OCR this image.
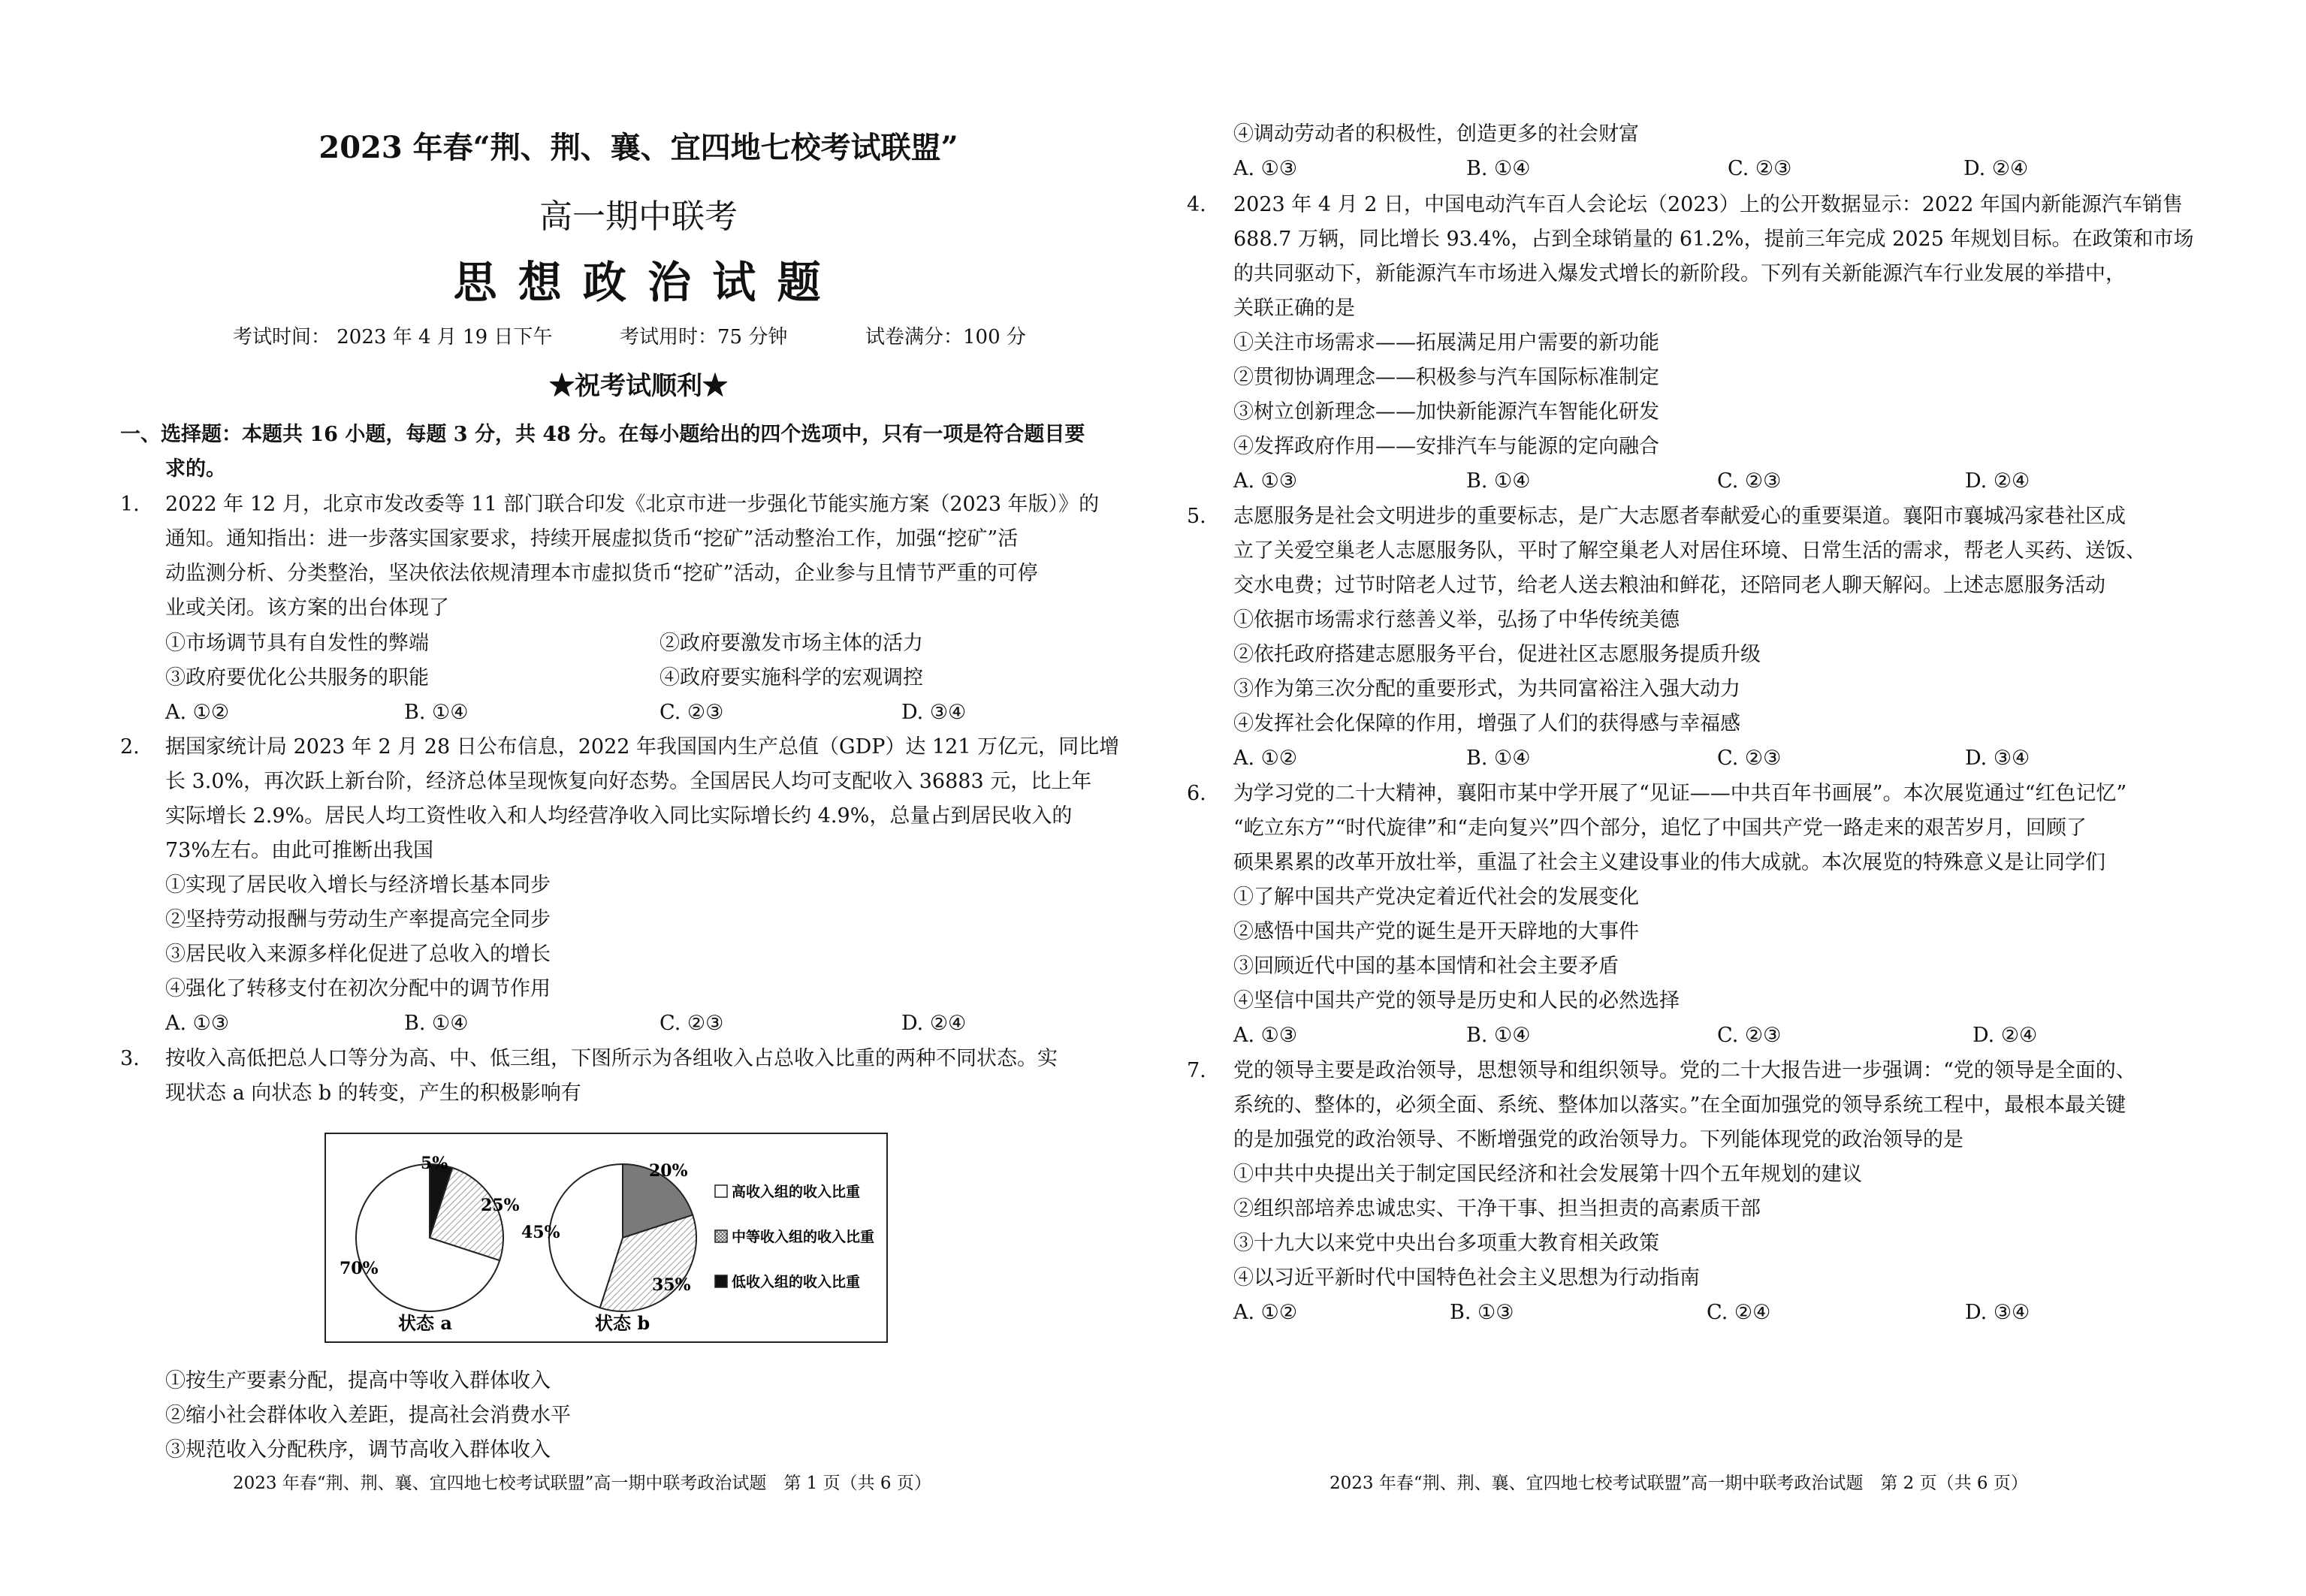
2023 年春“荆、荆、襄、宜四地七校考试联盟”
高一期中联考
思 想 政 治 试 题
考试时间： 2023 年 4 月 19 日下午	考试用时：75 分钟	试卷满分：100 分
★祝考试顺利★
一、选择题：本题共 16 小题，每题 3 分，共 48 分。在每小题给出的四个选项中，只有一项是符合题目要
求的。
1. 2022 年 12 月，北京市发改委等 11 部门联合印发《北京市进一步强化节能实施方案（2023 年版）》的
通知。通知指出：进一步落实国家要求，持续开展虚拟货币“挖矿”活动整治工作，加强“挖矿”活
动监测分析、分类整治，坚决依法依规清理本市虚拟货币“挖矿”活动，企业参与且情节严重的可停
业或关闭。该方案的出台体现了
①市场调节具有自发性的弊端	②政府要激发市场主体的活力
③政府要优化公共服务的职能	④政府要实施科学的宏观调控
A. ①②	B. ①④	C. ②③	D. ③④
2. 据国家统计局 2023 年 2 月 28 日公布信息，2022 年我国国内生产总值（GDP）达 121 万亿元，同比增
长 3.0%，再次跃上新台阶，经济总体呈现恢复向好态势。全国居民人均可支配收入 36883 元，比上年
实际增长 2.9%。居民人均工资性收入和人均经营净收入同比实际增长约 4.9%，总量占到居民收入的
73%左右。由此可推断出我国
①实现了居民收入增长与经济增长基本同步
②坚持劳动报酬与劳动生产率提高完全同步
③居民收入来源多样化促进了总收入的增长
④强化了转移支付在初次分配中的调节作用
A. ①③	B. ①④	C. ②③	D. ②④
3. 按收入高低把总人口等分为高、中、低三组，下图所示为各组收入占总收入比重的两种不同状态。实
现状态 a 向状态 b 的转变，产生的积极影响有
5%
25%
70%
状态 a
20%
45%
35%
状态 b
高收入组的收入比重
中等收入组的收入比重
低收入组的收入比重
①按生产要素分配，提高中等收入群体收入
②缩小社会群体收入差距，提高社会消费水平
③规范收入分配秩序，调节高收入群体收入
2023 年春“荆、荆、襄、宜四地七校考试联盟”高一期中联考政治试题　第 1 页（共 6 页）
④调动劳动者的积极性，创造更多的社会财富
A. ①③	B. ①④	C. ②③	D. ②④
4. 2023 年 4 月 2 日，中国电动汽车百人会论坛（2023）上的公开数据显示：2022 年国内新能源汽车销售
688.7 万辆，同比增长 93.4%，占到全球销量的 61.2%，提前三年完成 2025 年规划目标。在政策和市场
的共同驱动下，新能源汽车市场进入爆发式增长的新阶段。下列有关新能源汽车行业发展的举措中，
关联正确的是
①关注市场需求——拓展满足用户需要的新功能
②贯彻协调理念——积极参与汽车国际标准制定
③树立创新理念——加快新能源汽车智能化研发
④发挥政府作用——安排汽车与能源的定向融合
A. ①③	B. ①④	C. ②③	D. ②④
5. 志愿服务是社会文明进步的重要标志，是广大志愿者奉献爱心的重要渠道。襄阳市襄城冯家巷社区成
立了关爱空巢老人志愿服务队，平时了解空巢老人对居住环境、日常生活的需求，帮老人买药、送饭、
交水电费；过节时陪老人过节，给老人送去粮油和鲜花，还陪同老人聊天解闷。上述志愿服务活动
①依据市场需求行慈善义举，弘扬了中华传统美德
②依托政府搭建志愿服务平台，促进社区志愿服务提质升级
③作为第三次分配的重要形式，为共同富裕注入强大动力
④发挥社会化保障的作用，增强了人们的获得感与幸福感
A. ①②	B. ①④	C. ②③	D. ③④
6. 为学习党的二十大精神，襄阳市某中学开展了“见证——中共百年书画展”。本次展览通过“红色记忆”
“屹立东方”“时代旋律”和“走向复兴”四个部分，追忆了中国共产党一路走来的艰苦岁月，回顾了
硕果累累的改革开放壮举，重温了社会主义建设事业的伟大成就。本次展览的特殊意义是让同学们
①了解中国共产党决定着近代社会的发展变化
②感悟中国共产党的诞生是开天辟地的大事件
③回顾近代中国的基本国情和社会主要矛盾
④坚信中国共产党的领导是历史和人民的必然选择
A. ①③	B. ①④	C. ②③	D. ②④
7. 党的领导主要是政治领导，思想领导和组织领导。党的二十大报告进一步强调：“党的领导是全面的、
系统的、整体的，必须全面、系统、整体加以落实。”在全面加强党的领导系统工程中，最根本最关键
的是加强党的政治领导、不断增强党的政治领导力。下列能体现党的政治领导的是
①中共中央提出关于制定国民经济和社会发展第十四个五年规划的建议
②组织部培养忠诚忠实、干净干事、担当担责的高素质干部
③十九大以来党中央出台多项重大教育相关政策
④以习近平新时代中国特色社会主义思想为行动指南
A. ①②	B. ①③	C. ②④	D. ③④
2023 年春“荆、荆、襄、宜四地七校考试联盟”高一期中联考政治试题　第 2 页（共 6 页）
